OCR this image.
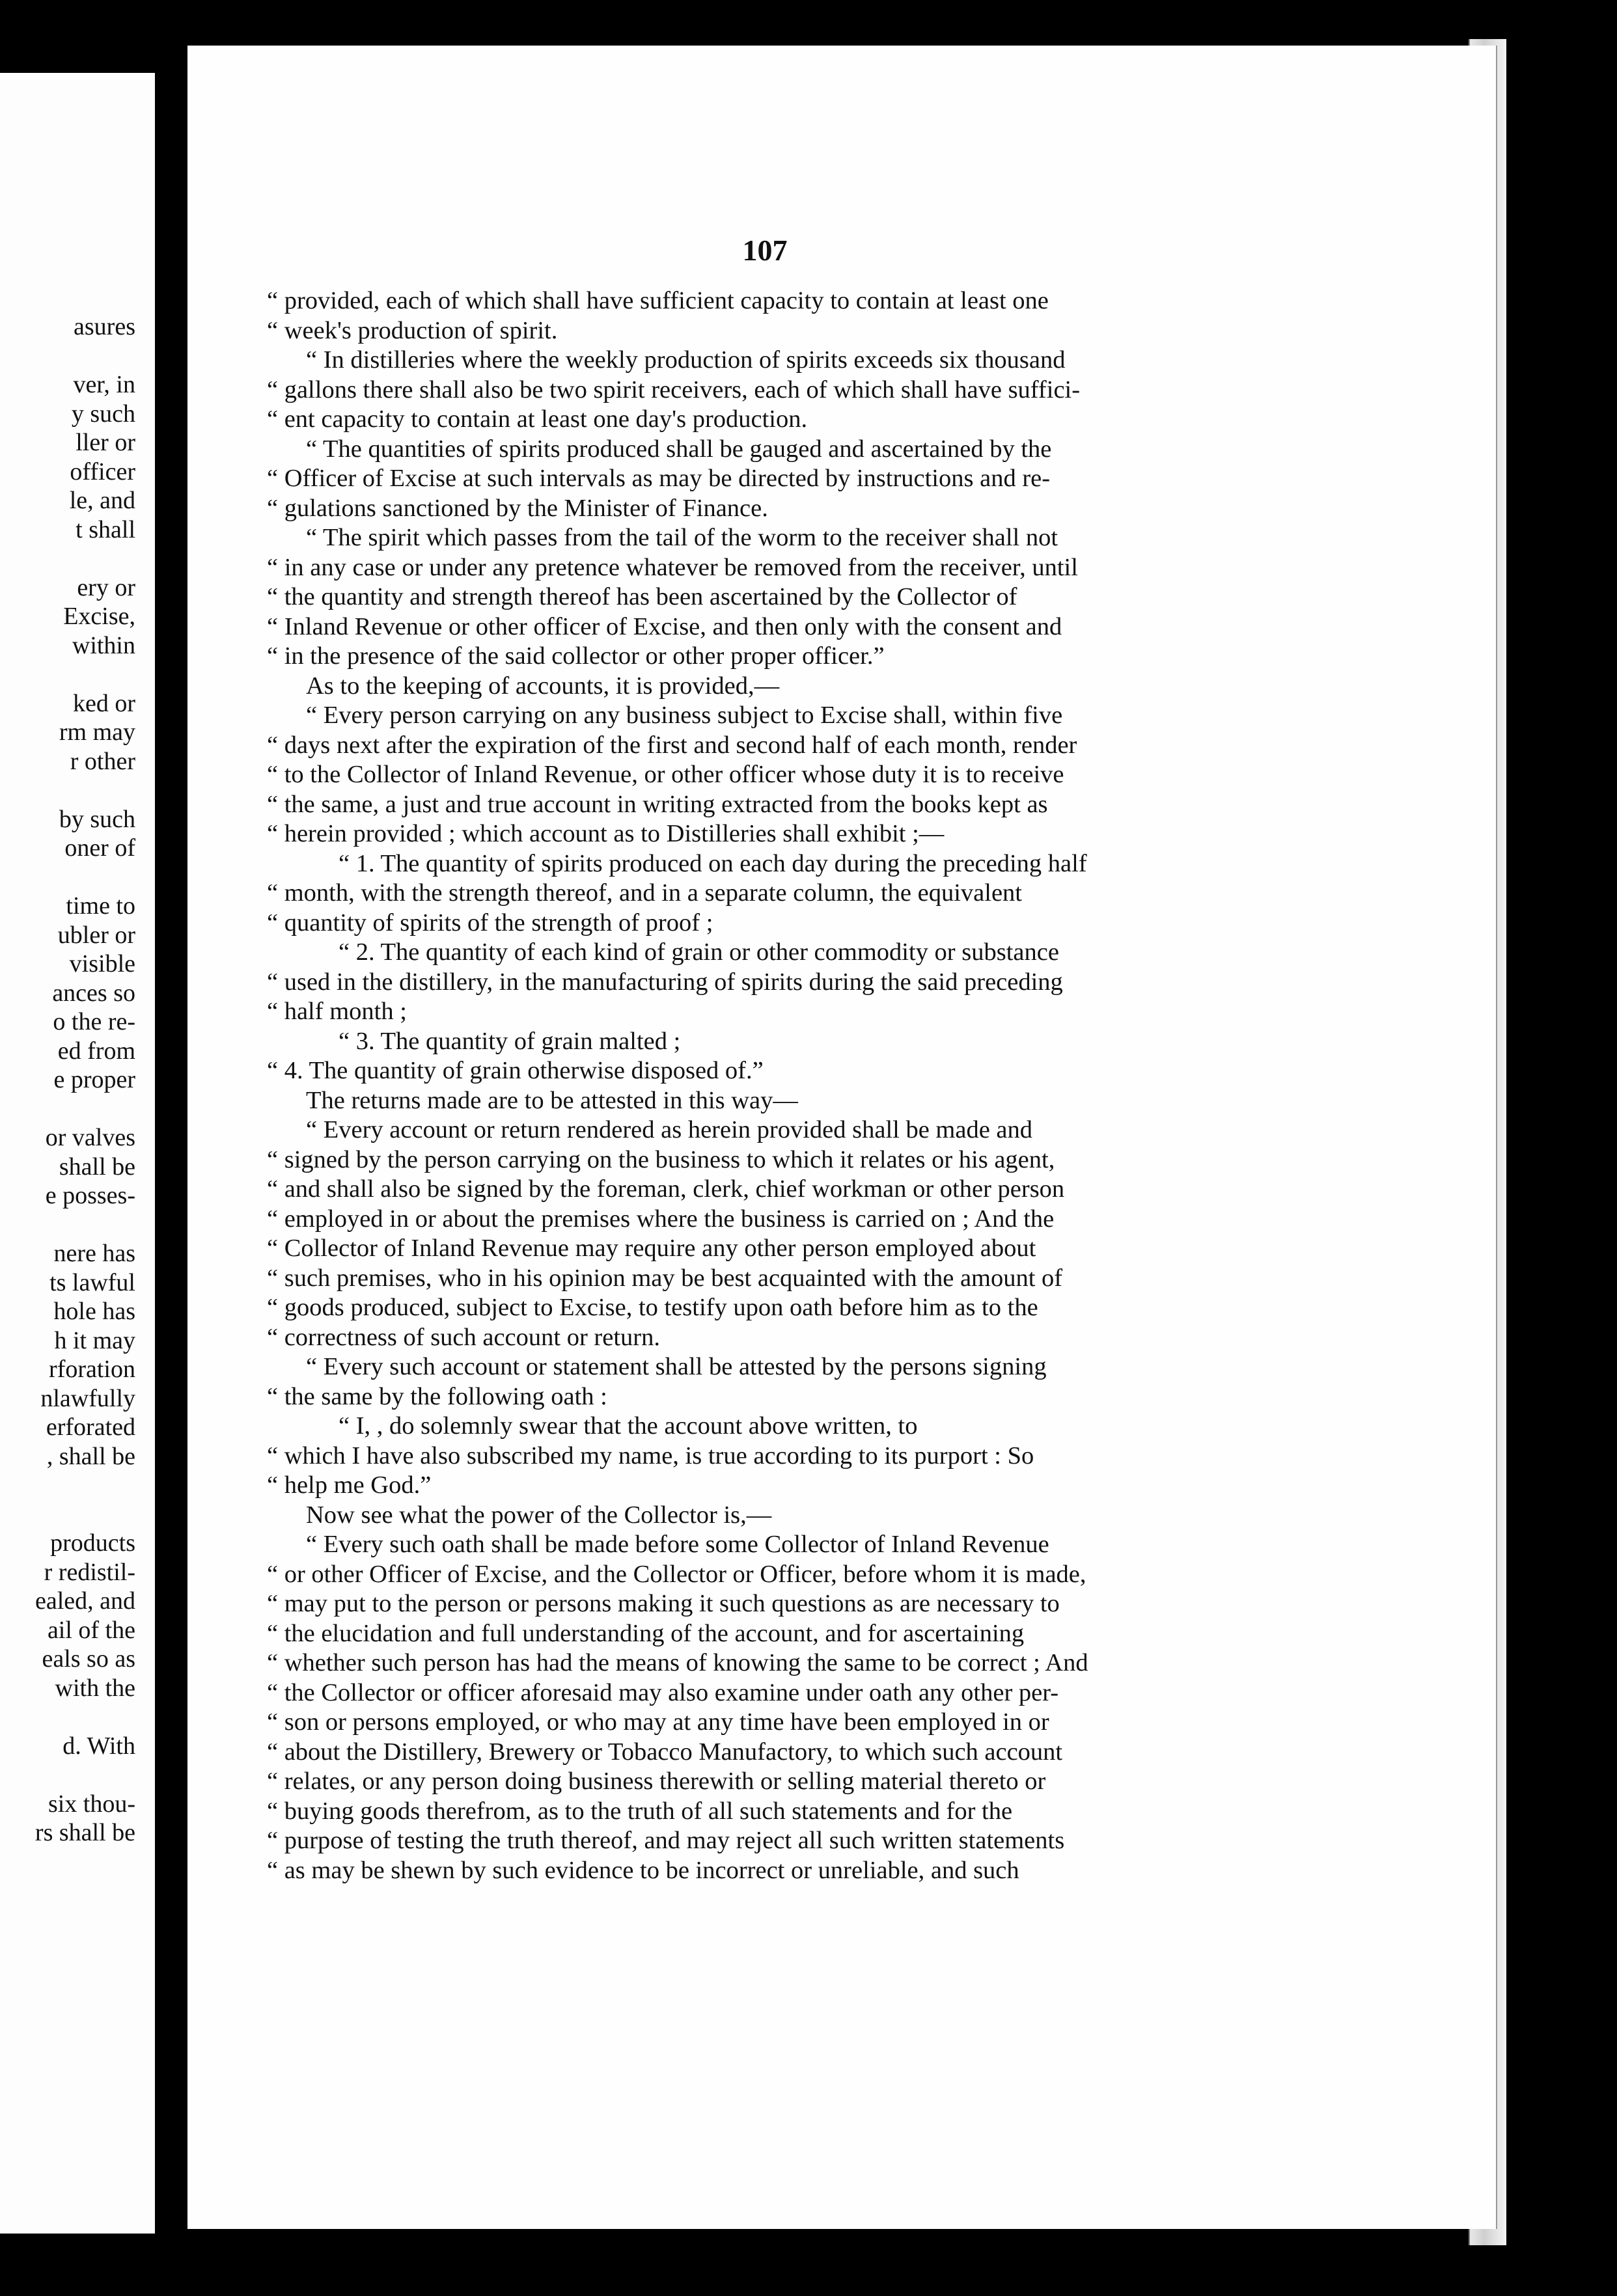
asures
ver, in
y such
ller or
officer
le, and
t shall
ery or
Excise,
within
ked or
rm may
r other
by such
oner of
time to
ubler or
visible
ances so
o the re-
ed from
e proper
or valves
shall be
e posses-
nere has
ts lawful
hole has
h it may
rforation
nlawfully
erforated
, shall be
products
r redistil-
ealed, and
ail of the
eals so as
with the
d. With
six thou-
rs shall be
107
“ provided, each of which shall have sufficient capacity to contain at least one
“ week's production of spirit.
“ In distilleries where the weekly production of spirits exceeds six thousand
“ gallons there shall also be two spirit receivers, each of which shall have suffici-
“ ent capacity to contain at least one day's production.
“ The quantities of spirits produced shall be gauged and ascertained by the
“ Officer of Excise at such intervals as may be directed by instructions and re-
“ gulations sanctioned by the Minister of Finance.
“ The spirit which passes from the tail of the worm to the receiver shall not
“ in any case or under any pretence whatever be removed from the receiver, until
“ the quantity and strength thereof has been ascertained by the Collector of
“ Inland Revenue or other officer of Excise, and then only with the consent and
“ in the presence of the said collector or other proper officer.”
As to the keeping of accounts, it is provided,—
“ Every person carrying on any business subject to Excise shall, within five
“ days next after the expiration of the first and second half of each month, render
“ to the Collector of Inland Revenue, or other officer whose duty it is to receive
“ the same, a just and true account in writing extracted from the books kept as
“ herein provided ; which account as to Distilleries shall exhibit ;—
“ 1. The quantity of spirits produced on each day during the preceding half
“ month, with the strength thereof, and in a separate column, the equivalent
“ quantity of spirits of the strength of proof ;
“ 2. The quantity of each kind of grain or other commodity or substance
“ used in the distillery, in the manufacturing of spirits during the said preceding
“ half month ;
“ 3. The quantity of grain malted ;
“ 4. The quantity of grain otherwise disposed of.”
The returns made are to be attested in this way—
“ Every account or return rendered as herein provided shall be made and
“ signed by the person carrying on the business to which it relates or his agent,
“ and shall also be signed by the foreman, clerk, chief workman or other person
“ employed in or about the premises where the business is carried on ; And the
“ Collector of Inland Revenue may require any other person employed about
“ such premises, who in his opinion may be best acquainted with the amount of
“ goods produced, subject to Excise, to testify upon oath before him as to the
“ correctness of such account or return.
“ Every such account or statement shall be attested by the persons signing
“ the same by the following oath :
“ I, , do solemnly swear that the account above written, to
“ which I have also subscribed my name, is true according to its purport : So
“ help me God.”
Now see what the power of the Collector is,—
“ Every such oath shall be made before some Collector of Inland Revenue
“ or other Officer of Excise, and the Collector or Officer, before whom it is made,
“ may put to the person or persons making it such questions as are necessary to
“ the elucidation and full understanding of the account, and for ascertaining
“ whether such person has had the means of knowing the same to be correct ; And
“ the Collector or officer aforesaid may also examine under oath any other per-
“ son or persons employed, or who may at any time have been employed in or
“ about the Distillery, Brewery or Tobacco Manufactory, to which such account
“ relates, or any person doing business therewith or selling material thereto or
“ buying goods therefrom, as to the truth of all such statements and for the
“ purpose of testing the truth thereof, and may reject all such written statements
“ as may be shewn by such evidence to be incorrect or unreliable, and such
